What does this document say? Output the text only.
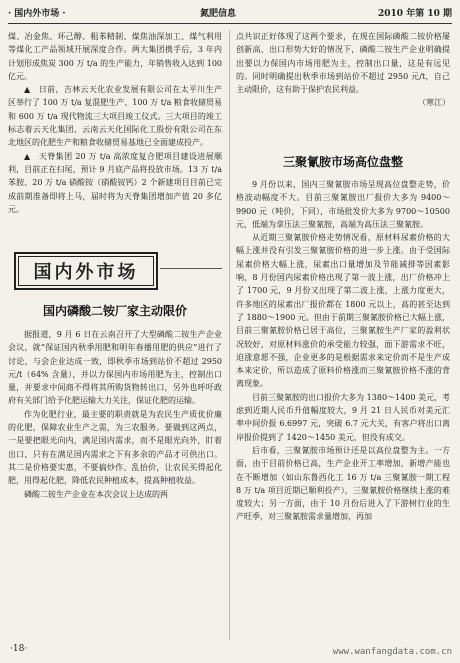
· 国内外市场 ·	氮肥信息	2010 年第 10 期

煤、冶金焦、环己醇、粗苯精制、煤焦油深加工、煤气利用等煤化工产品领域开展深度合作。两大集团携手后，3 年内计划形成焦炭 300 万 t/a 的生产能力，年销售收入达到 100 亿元。

▲　日前，吉林云天化农业发展有限公司在太平川生产区举行了 100 万 t/a 复混肥生产、100 万 t/a 粮食收储贸易和 600 万 t/a 现代物流三大项目竣工仪式。三大项目的竣工标志着云天化集团、云南云天化国际化工股份有限公司在东北地区的化肥生产和粮食收储贸易基地已全面建成投产。

▲　天脊集团 20 万 t/a 高浓度复合肥项目建设进展顺利，目前正在扫尾，预计 9 月底产品将投放市场。13 万 t/a 苯胺、20 万 t/a 硝酸铵（硝酸铵钙）2 个新建项目目前已完成前期准备即将上马，届时将为天脊集团增加产值 20 多亿元。

国内外市场
国内磷酸二铵厂家主动限价

据报道，9 月 6 日在云南召开了大型磷酸二铵生产企业会议，就“保证国内秋季用肥和明年春播用肥的供应”进行了讨论，与会企业达成一致，即秋季市场到站价不超过 2950 元/t（64% 含量），并以力保国内市场用肥为主，控制出口量，并要求中间商不得将其所购货物转出口，另外也呼吁政府有关部门给予化肥运输大力关注，保证化肥的运输。

作为化肥行业，最主要的职责就是为农民生产质优价廉的化肥，保障农业生产之需，为三农服务。要做到这两点，一是要把眼光向内，满足国内需求，而不是眼光向外，盯着出口，只有在满足国内需求之下有多余的产品才可供出口。其二是价格要实惠，不要搞炒作、乱抬价，让农民买得起化肥，用得起化肥，降低农民种植成本，提高种植收益。

磷酸二铵生产企业在本次会议上达成的两

点共识正好体现了这两个要求，在现在国际磷酸二铵价格屡创新高、出口形势大好的情况下，磷酸二铵生产企业明确提出要以力保国内市场用肥为主，控制出口量，这是有远见的。同时明确提出秋季市场到站价不超过 2950 元/t，自己主动限价，这有助于保护农民利益。

（寒江）
三聚氰胺市场高位盘整

9 月份以来，国内三聚氰胺市场呈现高位盘整走势，价格波动幅度不大。目前三聚氰胺出厂报价大多为 9400～9900 元（吨价，下同），市场批发价大多为 9700～10500 元，低端为拿压法三聚氰胺，高端为高压法三聚氰胺。

从近期三聚氰胺价格走势情况看，原材料尿素价格的大幅上涨并没有引发三聚氰胺价格的进一步上涨。由于受国际尿素价格大幅上涨，尿素出口量增加及节能减排等因素影响，8 月份国内尿素价格出现了第一波上涨，出厂价格冲上了 1700 元，9 月份又出现了第二波上涨，上涨力度更大，许多地区的尿素出厂报价都在 1800 元以上，高的甚至达到了 1880～1900 元。但由于前期三聚氰胺价格已大幅上涨，目前三聚氰胺价格已居于高位，三聚氰胺生产厂家的盈利状况较好，对原材料涨价的承受能力较强，面下游需求不旺，迫涨意愿不强，企业更多的是根据需求来定价而不是生产成本来定价，所以造成了原料价格涨而三聚氰胺价格不涨的背离现象。

目前三聚氰胺的出口报价大多为 1380～1400 美元，考虑到近期人民币升值幅度较大，9 月 21 日人民币对美元汇率中间价报 6.6997 元，突破 6.7 元大关，有客户将出口离岸报价提到了 1420～1450 美元，但没有成交。

后市看，三聚氰胺市场预计还是以高位盘整为主。一方面，由于目前价格已高，生产企业开工率增加，新增产能也在不断增加（如山东鲁西化工 16 万 t/a 三聚氰胺一期工程 8 万 t/a 项目近期已顺利投产），三聚氰胺价格继续上涨的难度较大；另一方面，由于 10 月份后进入了下游树行业的生产旺季，对三聚氰胺需求量增加，再加

·18·	www.wanfangdata.com.cn
